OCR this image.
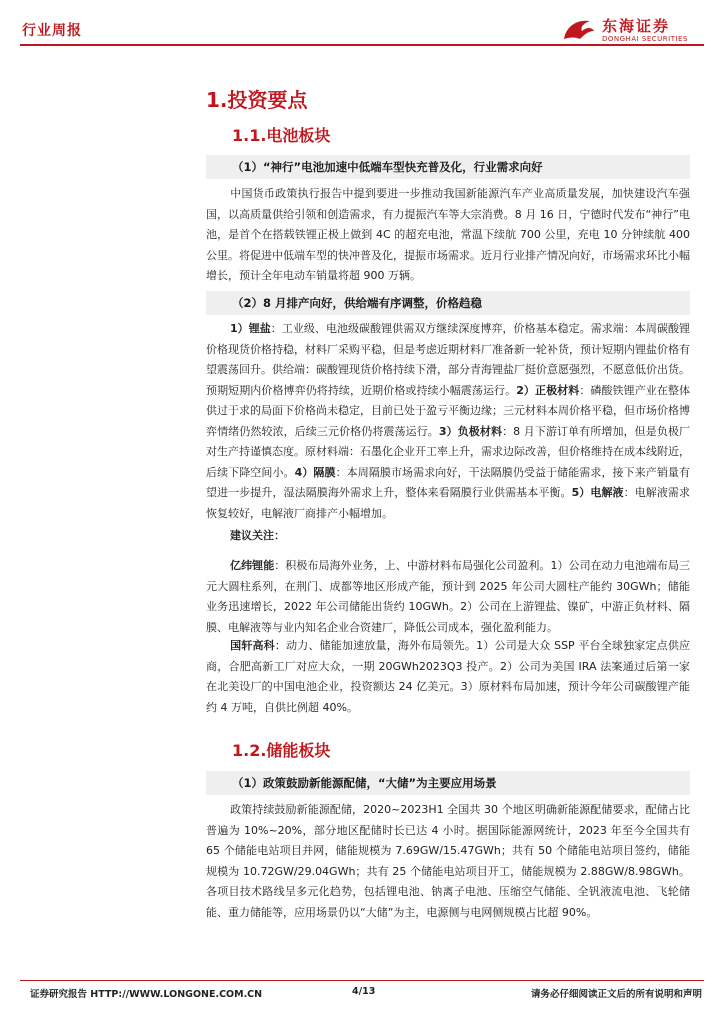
行业周报	东海证券
DONGHAI SECURITIES
1.投资要点
1.1.电池板块
（1）“神行”电池加速中低端车型快充普及化，行业需求向好
中国货币政策执行报告中提到要进一步推动我国新能源汽车产业高质量发展，加快建设汽车强国，以高质量供给引领和创造需求，有力提振汽车等大宗消费。8 月 16 日，宁德时代发布“神行”电池，是首个在搭载铁锂正极上做到 4C 的超充电池，常温下续航 700 公里，充电 10 分钟续航 400 公里。将促进中低端车型的快冲普及化，提振市场需求。近月行业排产情况向好，市场需求环比小幅增长，预计全年电动车销量将超 900 万辆。
（2）8 月排产向好，供给端有序调整，价格趋稳
1）锂盐：工业级、电池级碳酸锂供需双方继续深度博弈，价格基本稳定。需求端：本周碳酸锂价格现货价格持稳，材料厂采购平稳，但是考虑近期材料厂准备新一轮补货，预计短期内锂盐价格有望震荡回升。供给端：碳酸锂现货价格持续下滑，部分青海锂盐厂挺价意愿强烈，不愿意低价出货。预期短期内价格博弈仍将持续，近期价格或持续小幅震荡运行。2）正极材料：磷酸铁锂产业在整体供过于求的局面下价格尚未稳定，目前已处于盈亏平衡边缘；三元材料本周价格平稳，但市场价格博弈情绪仍然较浓，后续三元价格仍将震荡运行。3）负极材料：8 月下游订单有所增加，但是负极厂对生产持谨慎态度。原材料端：石墨化企业开工率上升，需求边际改善，但价格维持在成本线附近，后续下降空间小。4）隔膜：本周隔膜市场需求向好，干法隔膜仍受益于储能需求，接下来产销量有望进一步提升，湿法隔膜海外需求上升，整体来看隔膜行业供需基本平衡。5）电解液：电解液需求恢复较好，电解液厂商排产小幅增加。
建议关注：
亿纬锂能：积极布局海外业务，上、中游材料布局强化公司盈利。1）公司在动力电池端布局三元大圆柱系列，在荆门、成都等地区形成产能，预计到 2025 年公司大圆柱产能约 30GWh；储能业务迅速增长，2022 年公司储能出货约 10GWh。2）公司在上游锂盐、镍矿，中游正负材料、隔膜、电解液等与业内知名企业合资建厂，降低公司成本，强化盈利能力。
国轩高科：动力、储能加速放量，海外布局领先。1）公司是大众 SSP 平台全球独家定点供应商，合肥高新工厂对应大众，一期 20GWh2023Q3 投产。2）公司为美国 IRA 法案通过后第一家在北美设厂的中国电池企业，投资额达 24 亿美元。3）原材料布局加速，预计今年公司碳酸锂产能约 4 万吨，自供比例超 40%。
1.2.储能板块
（1）政策鼓励新能源配储，“大储”为主要应用场景
政策持续鼓励新能源配储，2020~2023H1 全国共 30 个地区明确新能源配储要求，配储占比普遍为 10%~20%，部分地区配储时长已达 4 小时。据国际能源网统计，2023 年至今全国共有 65 个储能电站项目并网，储能规模为 7.69GW/15.47GWh；共有 50 个储能电站项目签约，储能规模为 10.72GW/29.04GWh；共有 25 个储能电站项目开工，储能规模为 2.88GW/8.98GWh。各项目技术路线呈多元化趋势，包括锂电池、钠离子电池、压缩空气储能、全钒液流电池、飞轮储能、重力储能等，应用场景仍以“大储”为主，电源侧与电网侧规模占比超 90%。
证券研究报告 HTTP://WWW.LONGONE.COM.CN	4/13	请务必仔细阅读正文后的所有说明和声明
